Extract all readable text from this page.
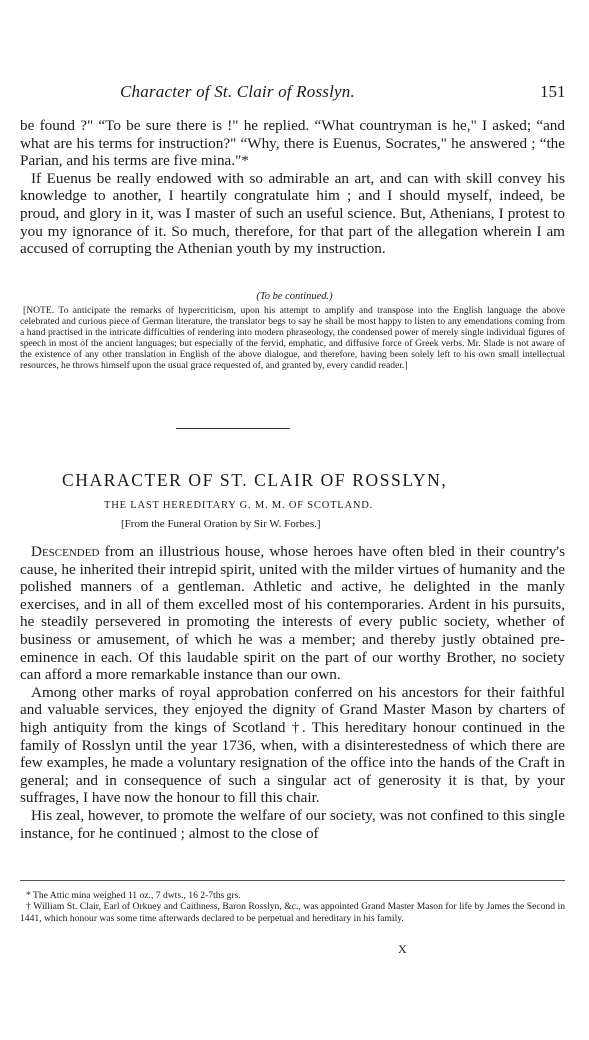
Character of St. Clair of Rosslyn.	151

be found ?" “To be sure there is !" he replied. “What countryman is he," I asked; “and what are his terms for instruction?" “Why, there is Euenus, Socrates," he answered ; “the Parian, and his terms are five mina."*

If Euenus be really endowed with so admirable an art, and can with skill convey his knowledge to another, I heartily congratulate him ; and I should myself, indeed, be proud, and glory in it, was I master of such an useful science. But, Athenians, I protest to you my ignorance of it. So much, therefore, for that part of the allegation wherein I am accused of corrupting the Athenian youth by my instruction.

(To be continued.)
[NOTE. To anticipate the remarks of hypercriticism, upon his attempt to amplify and transpose into the English language the above celebrated and curious piece of German literature, the translator begs to say he shall be most happy to listen to any emendations coming from a hand practised in the intricate difficulties of rendering into modern phraseology, the condensed power of merely single individual figures of speech in most of the ancient languages; but especially of the fervid, emphatic, and diffusive force of Greek verbs. Mr. Slade is not aware of the existence of any other translation in English of the above dialogue, and therefore, having been solely left to his own small intellectual resources, he throws himself upon the usual grace requested of, and granted by, every candid reader.]
CHARACTER OF ST. CLAIR OF ROSSLYN,
THE LAST HEREDITARY G. M. M. OF SCOTLAND.
[From the Funeral Oration by Sir W. Forbes.]

Descended from an illustrious house, whose heroes have often bled in their country's cause, he inherited their intrepid spirit, united with the milder virtues of humanity and the polished manners of a gentleman. Athletic and active, he delighted in the manly exercises, and in all of them excelled most of his contemporaries. Ardent in his pursuits, he steadily persevered in promoting the interests of every public society, whether of business or amusement, of which he was a member; and thereby justly obtained pre-eminence in each. Of this laudable spirit on the part of our worthy Brother, no society can afford a more remarkable instance than our own.

Among other marks of royal approbation conferred on his ancestors for their faithful and valuable services, they enjoyed the dignity of Grand Master Mason by charters of high antiquity from the kings of Scotland †. This hereditary honour continued in the family of Rosslyn until the year 1736, when, with a disinterestedness of which there are few examples, he made a voluntary resignation of the office into the hands of the Craft in general; and in consequence of such a singular act of generosity it is that, by your suffrages, I have now the honour to fill this chair.

His zeal, however, to promote the welfare of our society, was not confined to this single instance, for he continued ; almost to the close of

* The Attic mina weighed 11 oz., 7 dwts., 16 2-7ths grs.

† William St. Clair, Earl of Orkney and Caithness, Baron Rosslyn, &c., was appointed Grand Master Mason for life by James the Second in 1441, which honour was some time afterwards declared to be perpetual and hereditary in his family.

X
